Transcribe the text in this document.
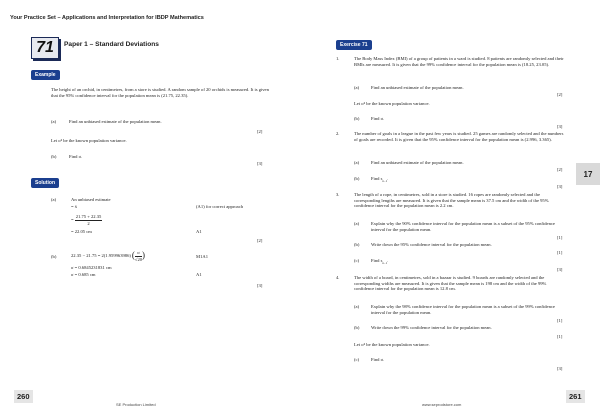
Your Practice Set – Applications and Interpretation for IBDP Mathematics
71	Paper 1 – Standard Deviations
Example
The height of an orchid, in centimetres, from a store is studied. A random sample of 20 orchids is measured. It is given that the 95% confidence interval for the population mean is (21.75, 22.35).
(a)	Find an unbiased estimate of the population mean.
[2]
Let σ² be the known population variance.
(b)	Find σ.
[3]
Solution
(a)	An unbiased estimate
= x̄	(A1) for correct approach
= $\frac{21.75 + 22.35}{2}$
= 22.05 cm	A1
[2]
(b)	22.35 − 21.75 = 2(1.959963986) ( $\frac{\sigma}{√20}$ )	M1A1
σ = 0.6845231831 cm
σ = 0.685 cm	A1
[3]
Exercise 71
1.	The Body Mass Index (BMI) of a group of patients in a ward is studied. 8 patients are randomly selected and their BMIs are measured. It is given that the 99% confidence interval for the population mean is (18.25, 23.05).
(a)	Find an unbiased estimate of the population mean.
[2]
Let σ² be the known population variance.
(b)	Find σ.
[3]
2.	The number of goals in a league in the past few years is studied. 25 games are randomly selected and the numbers of goals are recorded. It is given that the 95% confidence interval for the population mean is (2.996, 3.365).
(a)	Find an unbiased estimate of the population mean.
[2]
(b)	Find $s_{n-1}$.
[3]
17
3.	The length of a rope, in centimetres, sold in a store is studied. 16 ropes are randomly selected and the corresponding lengths are measured. It is given that the sample mean is 37.5 cm and the width of the 95% confidence interval for the population mean is 2.2 cm.
(a)	Explain why the 90% confidence interval for the population mean is a subset of the 95% confidence interval for the population mean.
[1]
(b)	Write down the 95% confidence interval for the population mean.
[1]
(c)	Find $s_{n-1}$.
[3]
4.	The width of a board, in centimetres, sold in a bazaar is studied. 9 boards are randomly selected and the corresponding widths are measured. It is given that the sample mean is 198 cm and the width of the 99% confidence interval for the population mean is 12.8 cm.
(a)	Explain why the 98% confidence interval for the population mean is a subset of the 99% confidence interval for the population mean.
[1]
(b)	Write down the 99% confidence interval for the population mean.
[1]
Let σ² be the known population variance.
(c)	Find σ.
[3]
260
SE Production Limited
261
www.seprodstore.com
